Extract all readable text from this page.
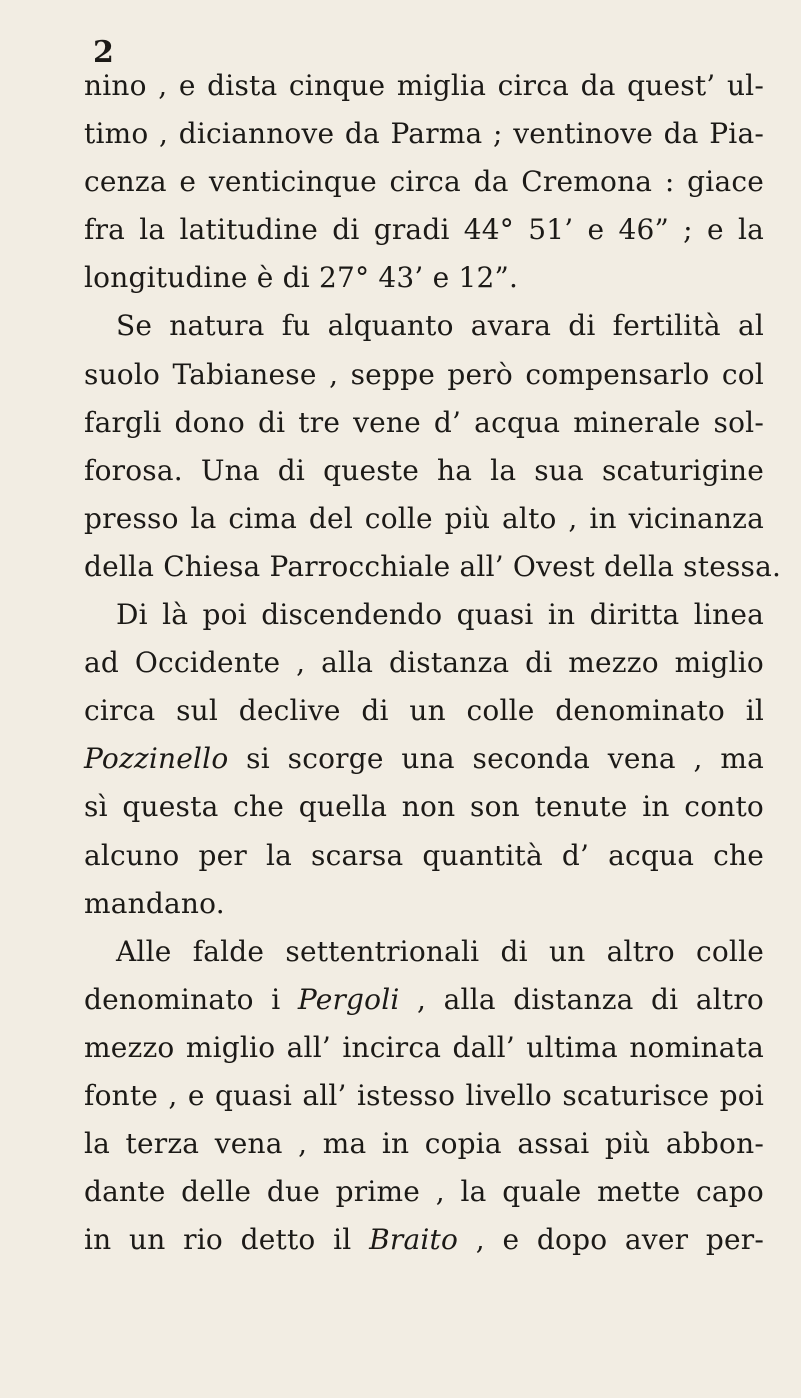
2
nino , e dista cinque miglia circa da quest’ ul-
timo , diciannove da Parma ; ventinove da Pia-
cenza e venticinque circa da Cremona : giace
fra la latitudine di gradi 44° 51’ e 46” ; e la
longitudine è di 27° 43’ e 12”.
Se natura fu alquanto avara di fertilità al
suolo Tabianese , seppe però compensarlo col
fargli dono di tre vene d’ acqua minerale sol-
forosa. Una di queste ha la sua scaturigine
presso la cima del colle più alto , in vicinanza
della Chiesa Parrocchiale all’ Ovest della stessa.
Di là poi discendendo quasi in diritta linea
ad Occidente , alla distanza di mezzo miglio
circa sul declive di un colle denominato il
Pozzinello si scorge una seconda vena , ma
sì questa che quella non son tenute in conto
alcuno per la scarsa quantità d’ acqua che
mandano.
Alle falde settentrionali di un altro colle
denominato i Pergoli , alla distanza di altro
mezzo miglio all’ incirca dall’ ultima nominata
fonte , e quasi all’ istesso livello scaturisce poi
la terza vena , ma in copia assai più abbon-
dante delle due prime , la quale mette capo
in un rio detto il Braito , e dopo aver per-
